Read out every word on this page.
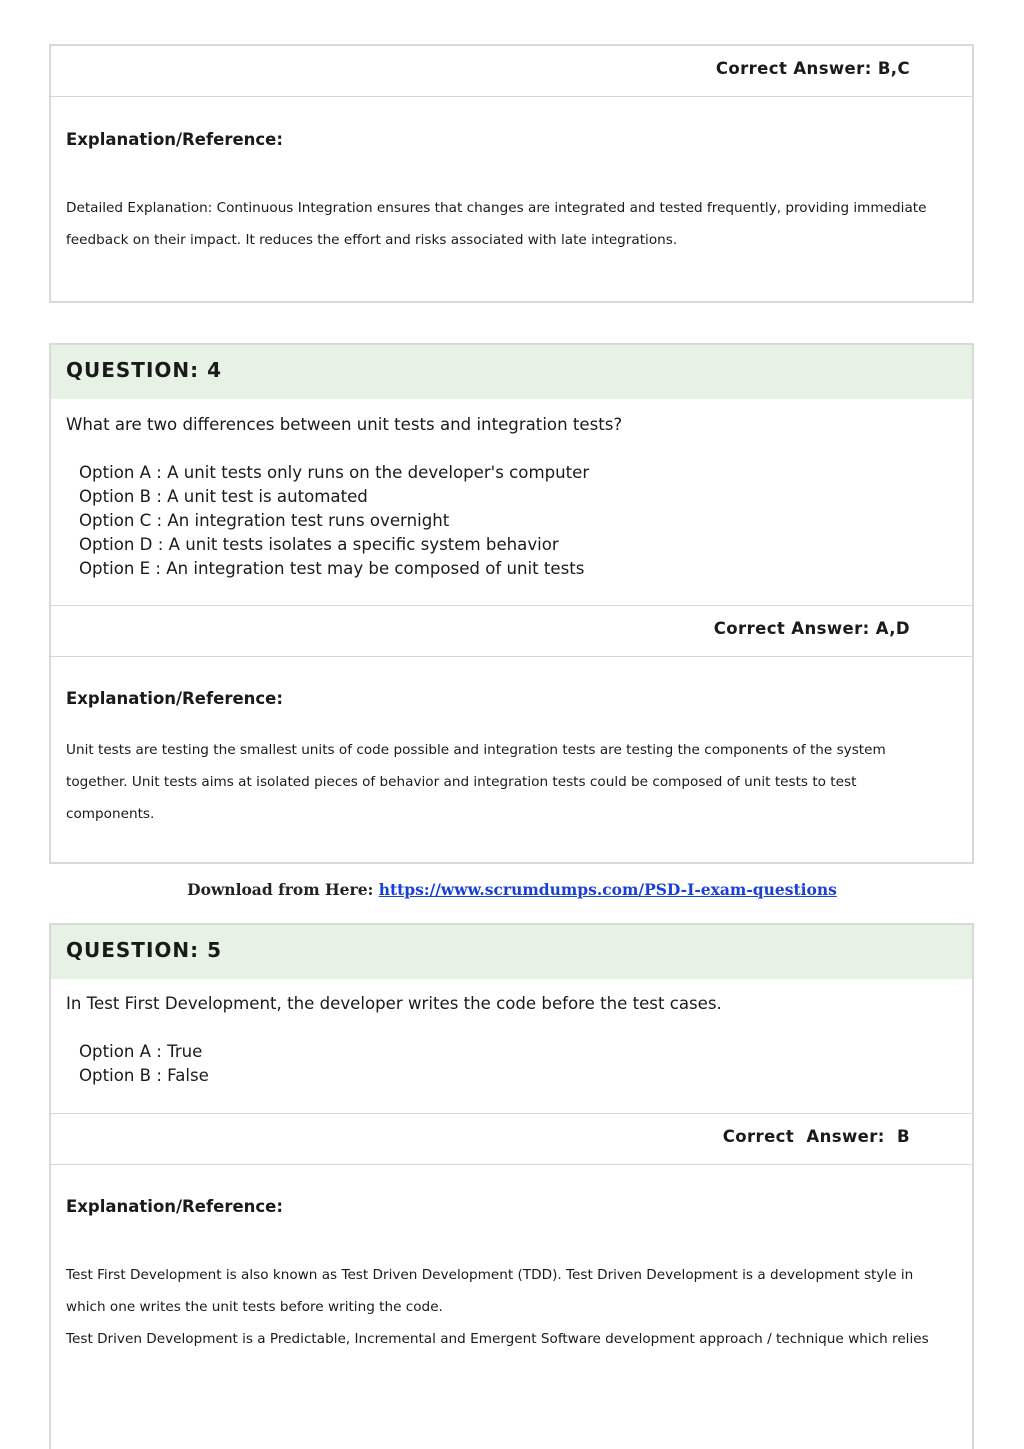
Correct Answer: B,C
Explanation/Reference:
Detailed Explanation: Continuous Integration ensures that changes are integrated and tested frequently, providing immediate
feedback on their impact. It reduces the effort and risks associated with late integrations.
QUESTION: 4
What are two differences between unit tests and integration tests?
Option A : A unit tests only runs on the developer's computer
Option B : A unit test is automated
Option C : An integration test runs overnight
Option D : A unit tests isolates a specific system behavior
Option E : An integration test may be composed of unit tests
Correct Answer: A,D
Explanation/Reference:
Unit tests are testing the smallest units of code possible and integration tests are testing the components of the system
together. Unit tests aims at isolated pieces of behavior and integration tests could be composed of unit tests to test
components.
Download from Here: https://www.scrumdumps.com/PSD-I-exam-questions
QUESTION: 5
In Test First Development, the developer writes the code before the test cases.
Option A : True
Option B : False
Correct  Answer:  B
Explanation/Reference:
Test First Development is also known as Test Driven Development (TDD). Test Driven Development is a development style in
which one writes the unit tests before writing the code.
Test Driven Development is a Predictable, Incremental and Emergent Software development approach / technique which relies
